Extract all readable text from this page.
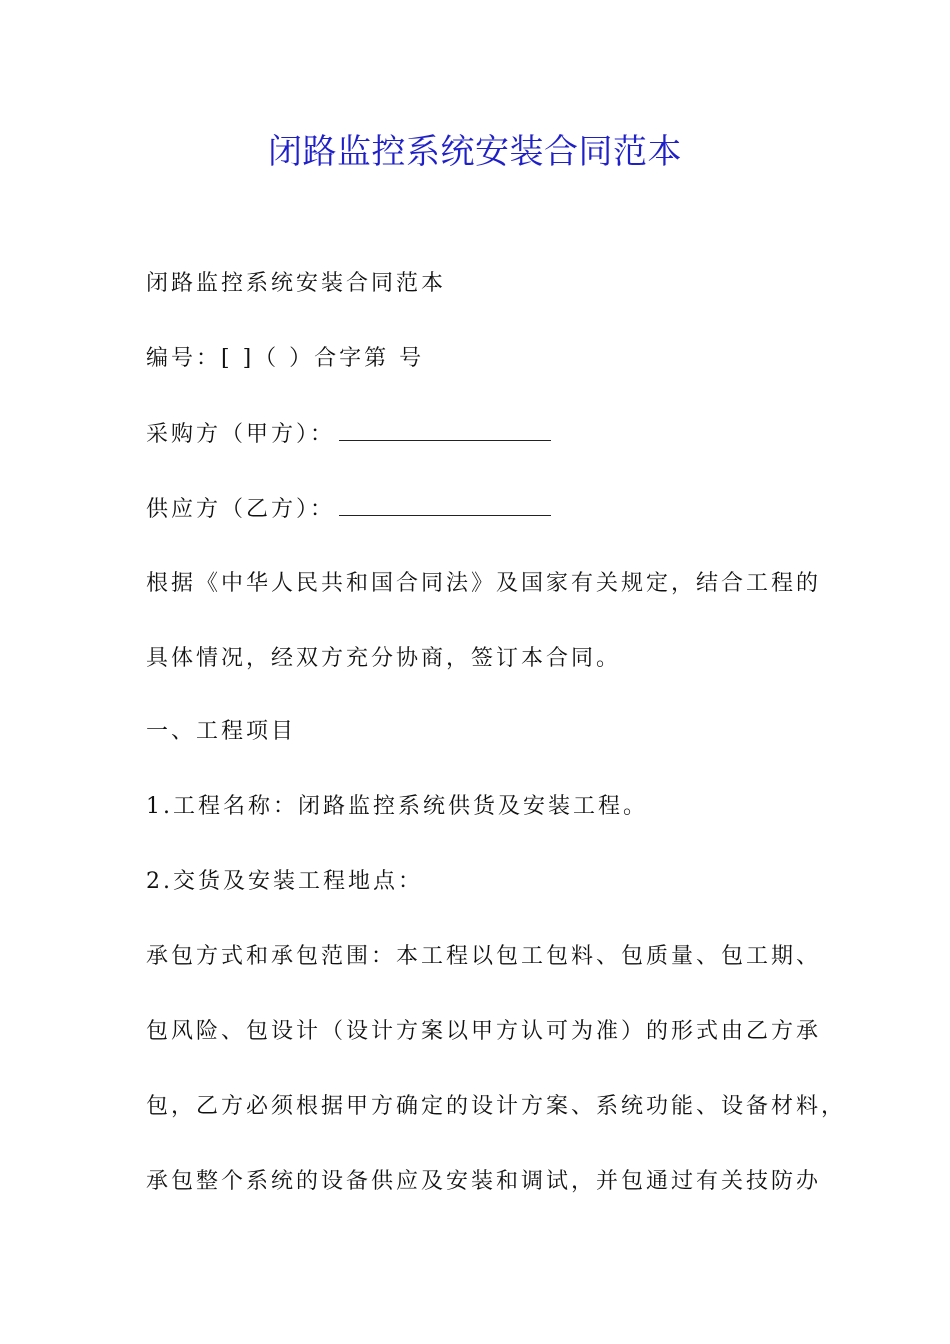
闭路监控系统安装合同范本
闭路监控系统安装合同范本
编号：[ ]（ ）合字第 号
采购方（甲方）：
供应方（乙方）：
根据《中华人民共和国合同法》及国家有关规定，结合工程的
具体情况，经双方充分协商，签订本合同。
一、工程项目
1.工程名称：闭路监控系统供货及安装工程。
2.交货及安装工程地点：
承包方式和承包范围：本工程以包工包料、包质量、包工期、
包风险、包设计（设计方案以甲方认可为准）的形式由乙方承
包，乙方必须根据甲方确定的设计方案、系统功能、设备材料，
承包整个系统的设备供应及安装和调试，并包通过有关技防办
